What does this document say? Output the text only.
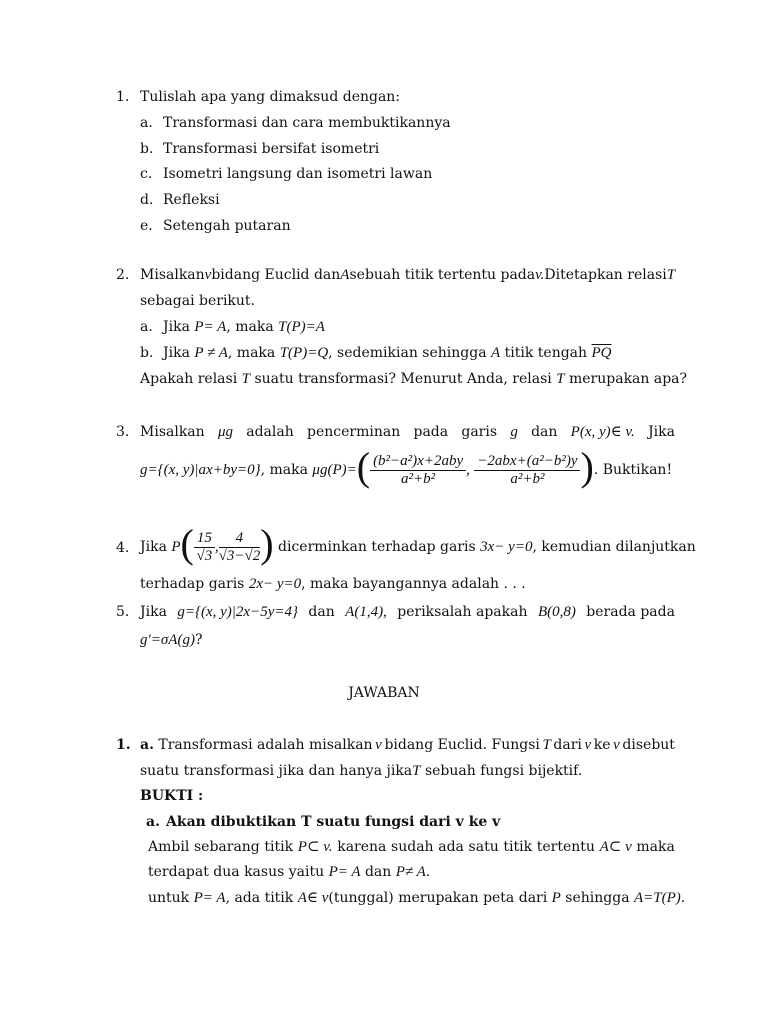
1. Tulislah apa yang dimaksud dengan:
a. Transformasi dan cara membuktikannya
b. Transformasi bersifat isometri
c. Isometri langsung dan isometri lawan
d. Refleksi
e. Setengah putaran
2. Misalkan v bidang Euclid dan A sebuah titik tertentu pada v. Ditetapkan relasi T
sebagai berikut.
a. Jika P= A, maka T(P)=A
b. Jika P ≠ A, maka T(P)=Q, sedemikian sehingga A titik tengah $\overline{PQ}$
Apakah relasi T suatu transformasi? Menurut Anda, relasi T merupakan apa?
3. Misalkan μg adalah pencerminan pada garis g dan P(x, y)∈ v. Jika
g={(x, y)|ax+by=0}, maka $\mu g(P)=( \frac{\text{(b²−a²)x+2aby}}{\text{a²+b²}}$ , $\frac{\text{−2abx+(a²−b²)y}}{\text{a²+b²}}$ ). Buktikan!
4. Jika $P( \frac{15}{√3}$ , $\frac{4}{√3-√2}$ ) dicerminkan terhadap garis 3x− y=0, kemudian dilanjutkan
terhadap garis 2x− y=0, maka bayangannya adalah . . .
5. Jika g={(x, y)|2x−5y=4} dan A(1,4), periksalah apakah B(0,8) berada pada
g′=σA(g)?
JAWABAN
1. a. Transformasi adalah misalkan v bidang Euclid. Fungsi T dari v ke v disebut
suatu transformasi jika dan hanya jikaT sebuah fungsi bijektif.
BUKTI :
a. Akan dibuktikan T suatu fungsi dari v ke v
Ambil sebarang titik P⊂ v. karena sudah ada satu titik tertentu A⊂ v maka
terdapat dua kasus yaitu P= A dan P≠ A.
untuk P= A, ada titik A∈ v(tunggal) merupakan peta dari P sehingga A=T(P).
